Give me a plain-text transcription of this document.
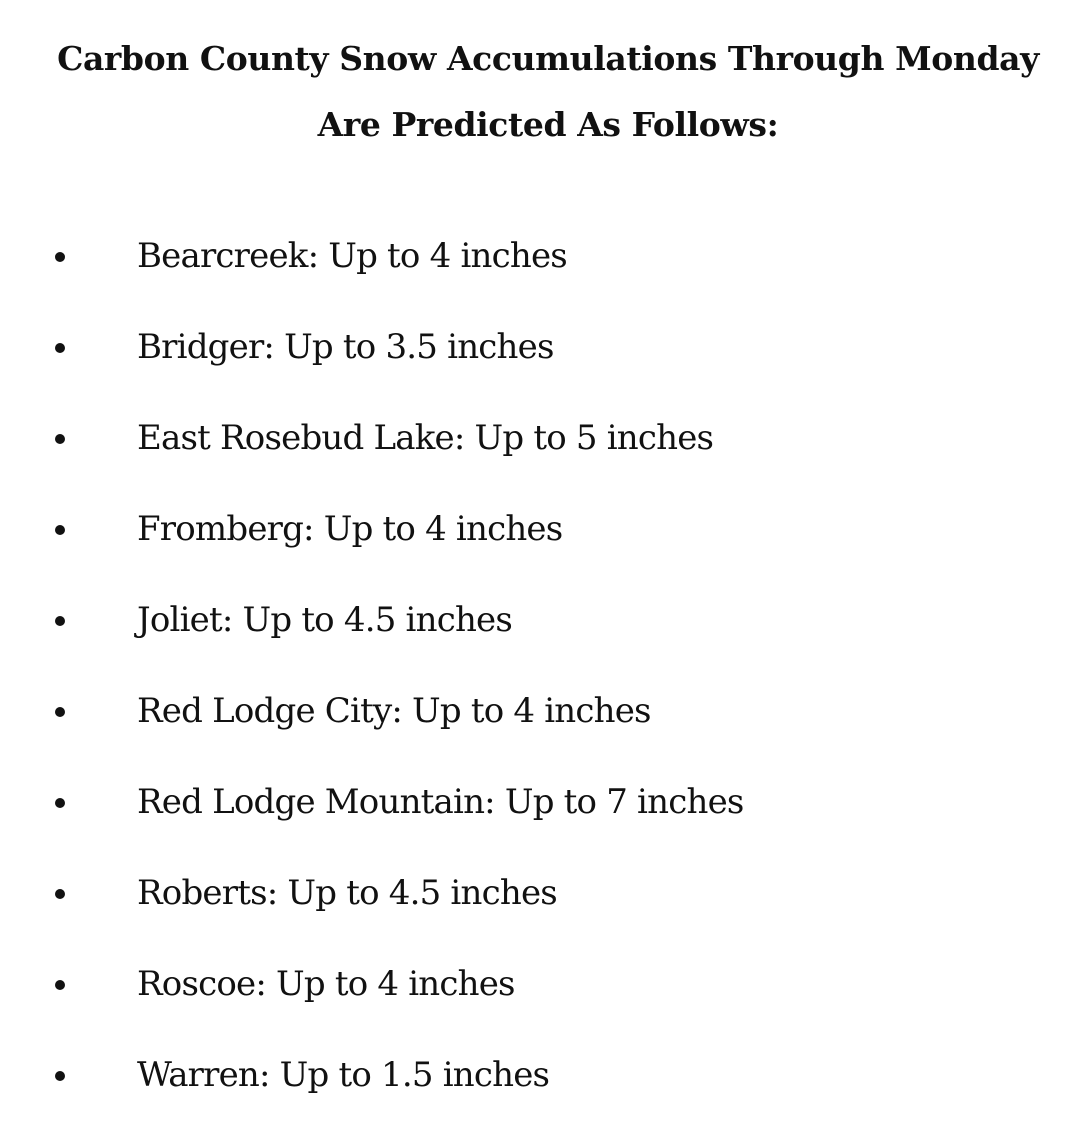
Carbon County Snow Accumulations Through Monday
Are Predicted As Follows:
Bearcreek: Up to 4 inches
Bridger: Up to 3.5 inches
East Rosebud Lake: Up to 5 inches
Fromberg: Up to 4 inches
Joliet: Up to 4.5 inches
Red Lodge City: Up to 4 inches
Red Lodge Mountain: Up to 7 inches
Roberts: Up to 4.5 inches
Roscoe: Up to 4 inches
Warren: Up to 1.5 inches
